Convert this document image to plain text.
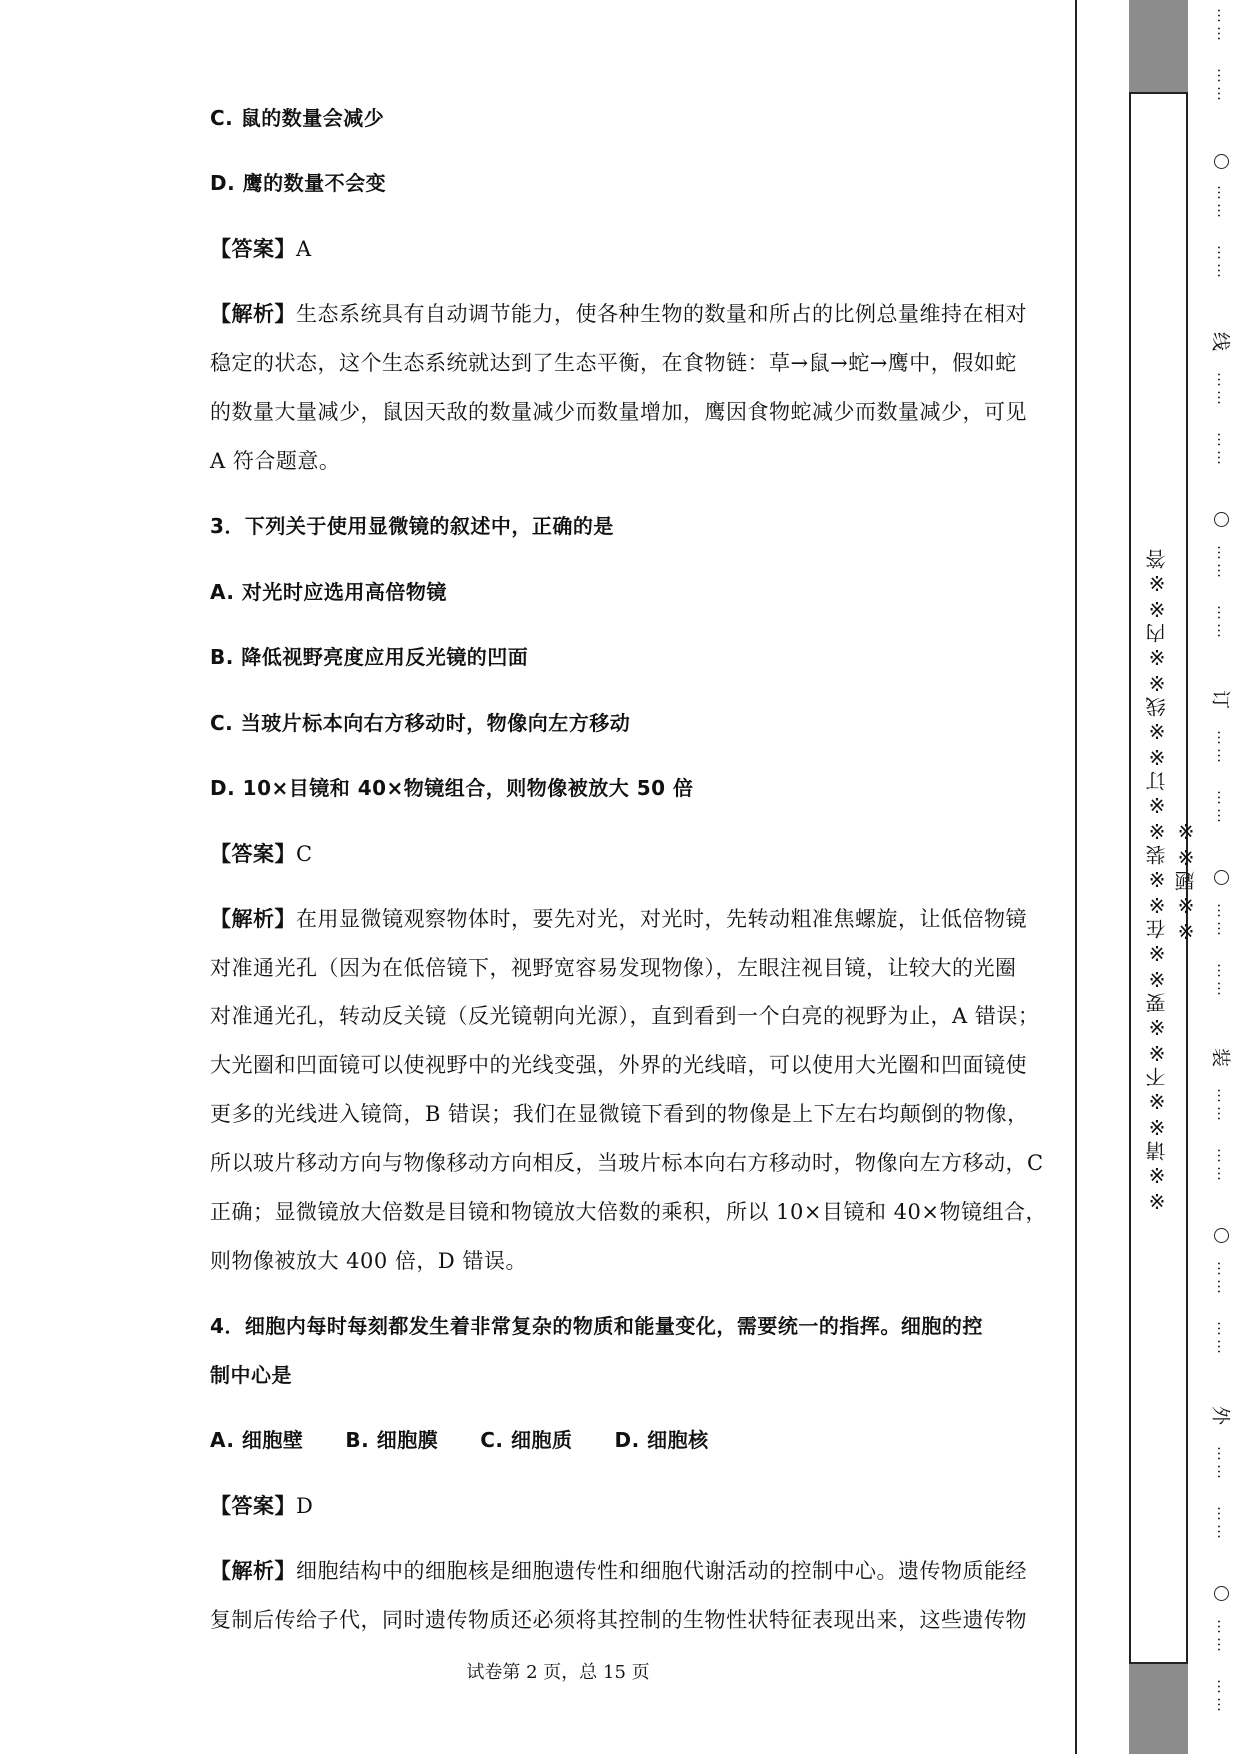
C. 鼠的数量会减少
D. 鹰的数量不会变
【答案】A
【解析】生态系统具有自动调节能力，使各种生物的数量和所占的比例总量维持在相对
稳定的状态，这个生态系统就达到了生态平衡，在食物链：草→鼠→蛇→鹰中，假如蛇
的数量大量减少，鼠因天敌的数量减少而数量增加，鹰因食物蛇减少而数量减少，可见
A 符合题意。
3．下列关于使用显微镜的叙述中，正确的是
A. 对光时应选用高倍物镜
B. 降低视野亮度应用反光镜的凹面
C. 当玻片标本向右方移动时，物像向左方移动
D. 10×目镜和 40×物镜组合，则物像被放大 50 倍
【答案】C
【解析】在用显微镜观察物体时，要先对光，对光时，先转动粗准焦螺旋，让低倍物镜
对准通光孔（因为在低倍镜下，视野宽容易发现物像），左眼注视目镜，让较大的光圈
对准通光孔，转动反关镜（反光镜朝向光源），直到看到一个白亮的视野为止，A 错误；
大光圈和凹面镜可以使视野中的光线变强，外界的光线暗，可以使用大光圈和凹面镜使
更多的光线进入镜筒，B 错误；我们在显微镜下看到的物像是上下左右均颠倒的物像，
所以玻片移动方向与物像移动方向相反，当玻片标本向右方移动时，物像向左方移动，C
正确；显微镜放大倍数是目镜和物镜放大倍数的乘积，所以 10×目镜和 40×物镜组合，
则物像被放大 400 倍，D 错误。
4．细胞内每时每刻都发生着非常复杂的物质和能量变化，需要统一的指挥。细胞的控
制中心是
A. 细胞壁 B. 细胞膜 C. 细胞质 D. 细胞核
【答案】D
【解析】细胞结构中的细胞核是细胞遗传性和细胞代谢活动的控制中心。遗传物质能经
复制后传给子代，同时遗传物质还必须将其控制的生物性状特征表现出来，这些遗传物
试卷第 2 页，总 15 页
※※请※※不※※要※※在※※装※※订※※线※※内※※答※※题※※
……
……
……
……
线
……
……
……
……
订
……
……
……
……
装
……
……
……
……
外
……
……
……
……
